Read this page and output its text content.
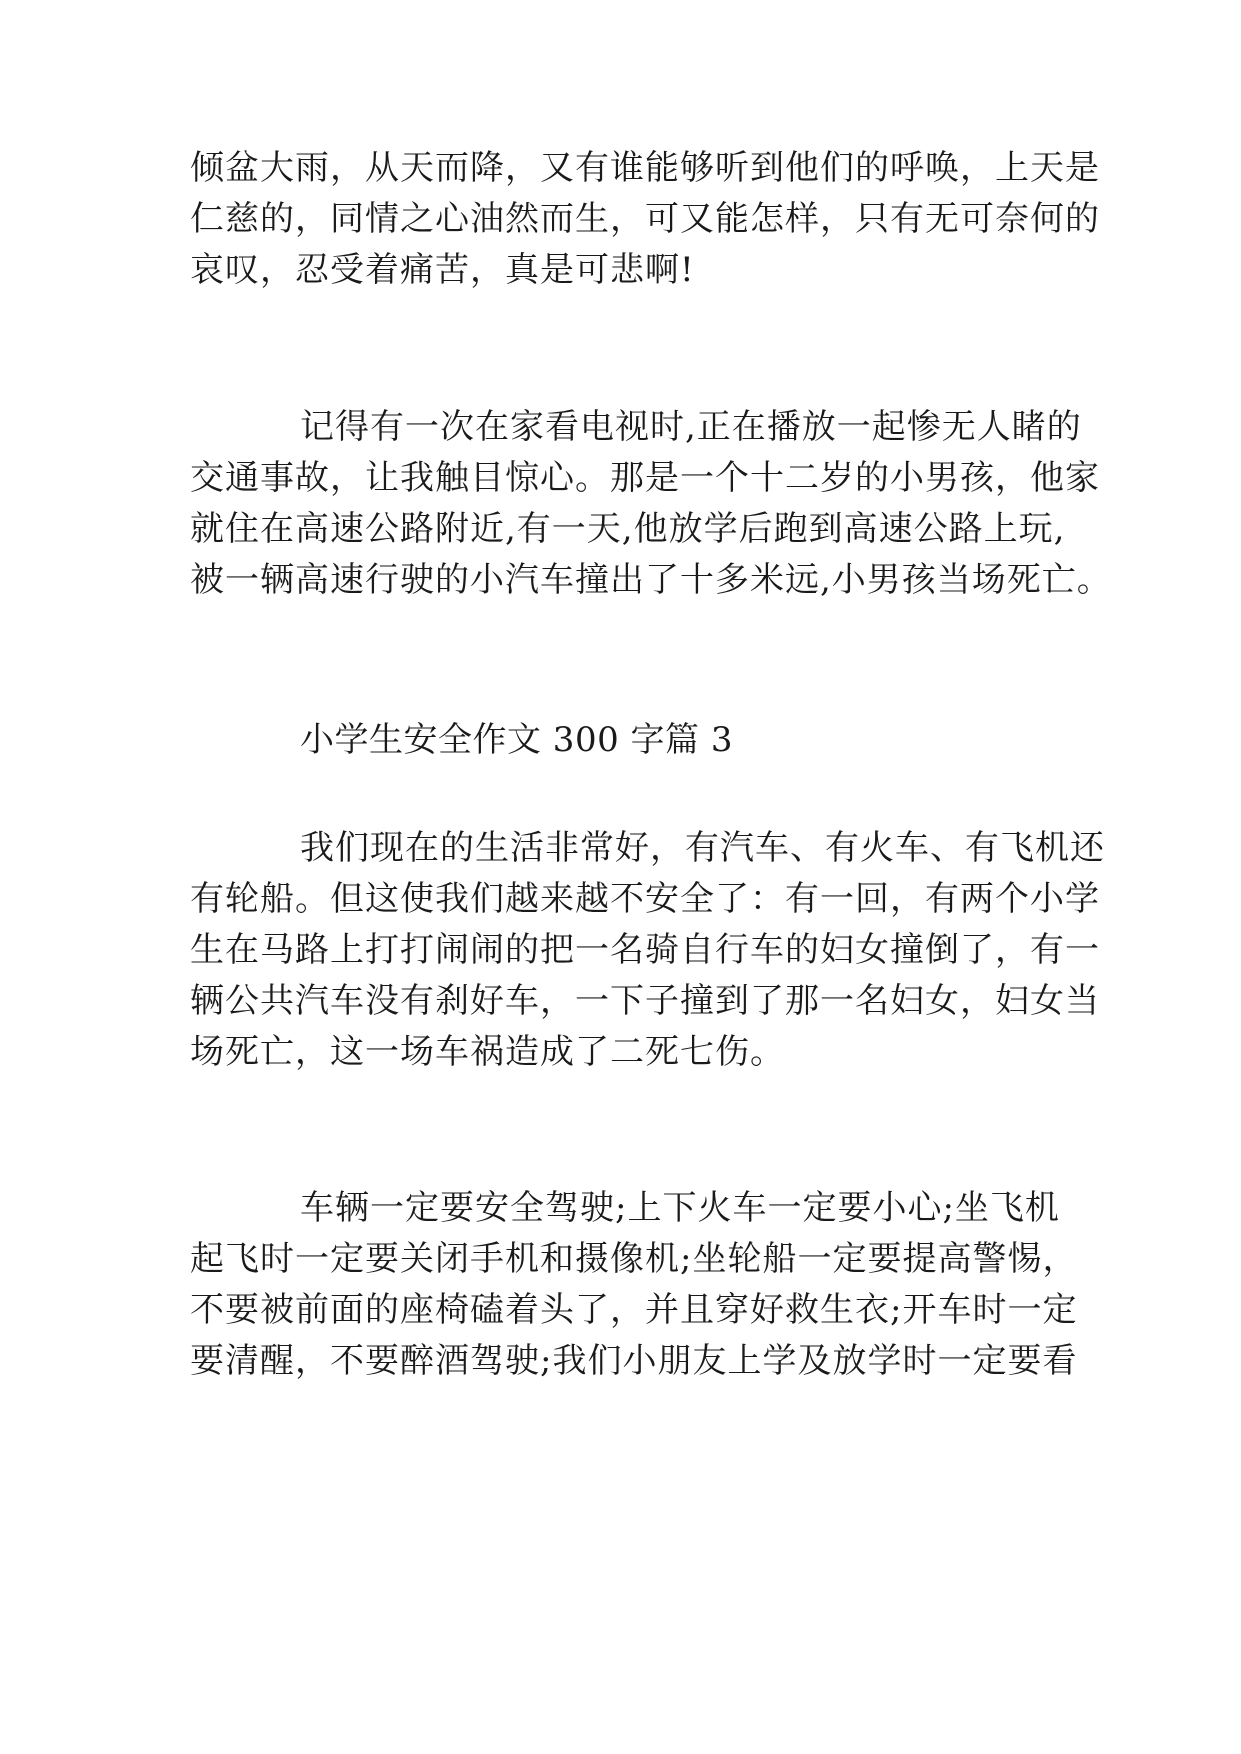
倾盆大雨，从天而降，又有谁能够听到他们的呼唤，上天是
仁慈的，同情之心油然而生，可又能怎样，只有无可奈何的
哀叹，忍受着痛苦，真是可悲啊!
记得有一次在家看电视时,正在播放一起惨无人睹的
交通事故，让我触目惊心。那是一个十二岁的小男孩，他家
就住在高速公路附近,有一天,他放学后跑到高速公路上玩,
被一辆高速行驶的小汽车撞出了十多米远,小男孩当场死亡。
小学生安全作文 300 字篇 3
我们现在的生活非常好，有汽车、有火车、有飞机还
有轮船。但这使我们越来越不安全了：有一回，有两个小学
生在马路上打打闹闹的把一名骑自行车的妇女撞倒了，有一
辆公共汽车没有刹好车，一下子撞到了那一名妇女，妇女当
场死亡，这一场车祸造成了二死七伤。
车辆一定要安全驾驶;上下火车一定要小心;坐飞机
起飞时一定要关闭手机和摄像机;坐轮船一定要提高警惕，
不要被前面的座椅磕着头了，并且穿好救生衣;开车时一定
要清醒，不要醉酒驾驶;我们小朋友上学及放学时一定要看
